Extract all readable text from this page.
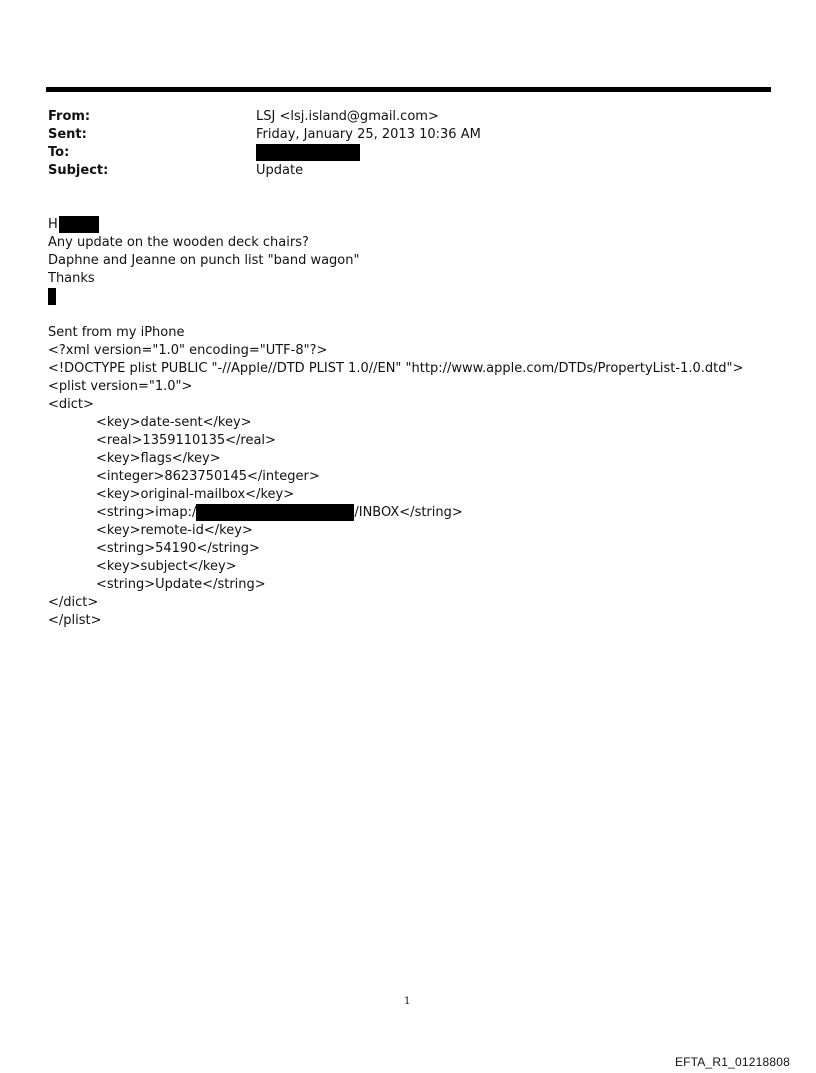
From:	LSJ <lsj.island@gmail.com>
Sent:	Friday, January 25, 2013 10:36 AM
To:
Subject:	Update
H
Any update on the wooden deck chairs?
Daphne and Jeanne on punch list "band wagon"
Thanks
Sent from my iPhone
<?xml version="1.0" encoding="UTF-8"?>
<!DOCTYPE plist PUBLIC "-//Apple//DTD PLIST 1.0//EN" "http://www.apple.com/DTDs/PropertyList-1.0.dtd">
<plist version="1.0">
<dict>
<key>date-sent</key>
<real>1359110135</real>
<key>flags</key>
<integer>8623750145</integer>
<key>original-mailbox</key>
<string>imap:/	/INBOX</string>
<key>remote-id</key>
<string>54190</string>
<key>subject</key>
<string>Update</string>
</dict>
</plist>
1
EFTA_R1_01218808
